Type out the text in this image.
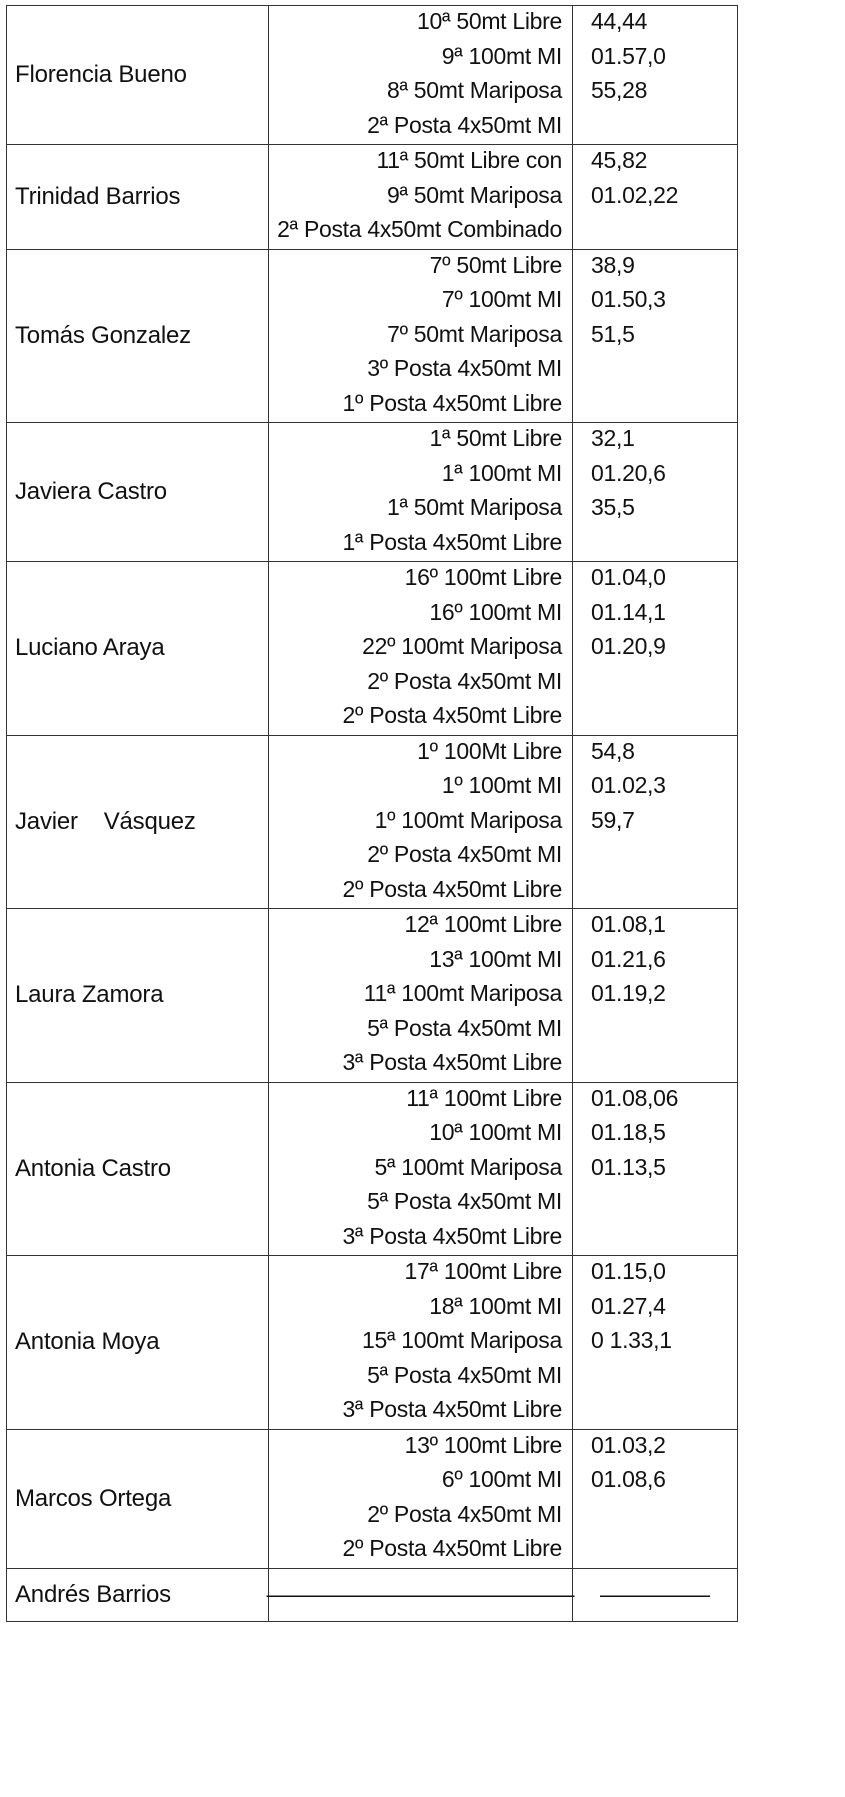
Florencia Bueno
10ª 50mt Libre
9ª 100mt MI
8ª 50mt Mariposa
2ª Posta 4x50mt MI
44,44
01.57,0
55,28
Trinidad Barrios
11ª 50mt Libre con
9ª 50mt Mariposa
2ª Posta 4x50mt Combinado
45,82
01.02,22
Tomás Gonzalez
7º 50mt Libre
7º 100mt MI
7º 50mt Mariposa
3º Posta 4x50mt MI
1º Posta 4x50mt Libre
38,9
01.50,3
51,5
Javiera Castro
1ª 50mt Libre
1ª 100mt MI
1ª 50mt Mariposa
1ª Posta 4x50mt Libre
32,1
01.20,6
35,5
Luciano Araya
16º 100mt Libre
16º 100mt MI
22º 100mt Mariposa
2º Posta 4x50mt MI
2º Posta 4x50mt Libre
01.04,0
01.14,1
01.20,9
Javier    Vásquez
1º 100Mt Libre
1º 100mt MI
1º 100mt Mariposa
2º Posta 4x50mt MI
2º Posta 4x50mt Libre
54,8
01.02,3
59,7
Laura Zamora
12ª 100mt Libre
13ª 100mt MI
11ª 100mt Mariposa
5ª Posta 4x50mt MI
3ª Posta 4x50mt Libre
01.08,1
01.21,6
01.19,2
Antonia Castro
11ª 100mt Libre
10ª 100mt MI
5ª 100mt Mariposa
5ª Posta 4x50mt MI
3ª Posta 4x50mt Libre
01.08,06
01.18,5
01.13,5
Antonia Moya
17ª 100mt Libre
18ª 100mt MI
15ª 100mt Mariposa
5ª Posta 4x50mt MI
3ª Posta 4x50mt Libre
01.15,0
01.27,4
0 1.33,1
Marcos Ortega
13º 100mt Libre
6º 100mt MI
2º Posta 4x50mt MI
2º Posta 4x50mt Libre
01.03,2
01.08,6
Andrés Barrios	—————————————— —————
